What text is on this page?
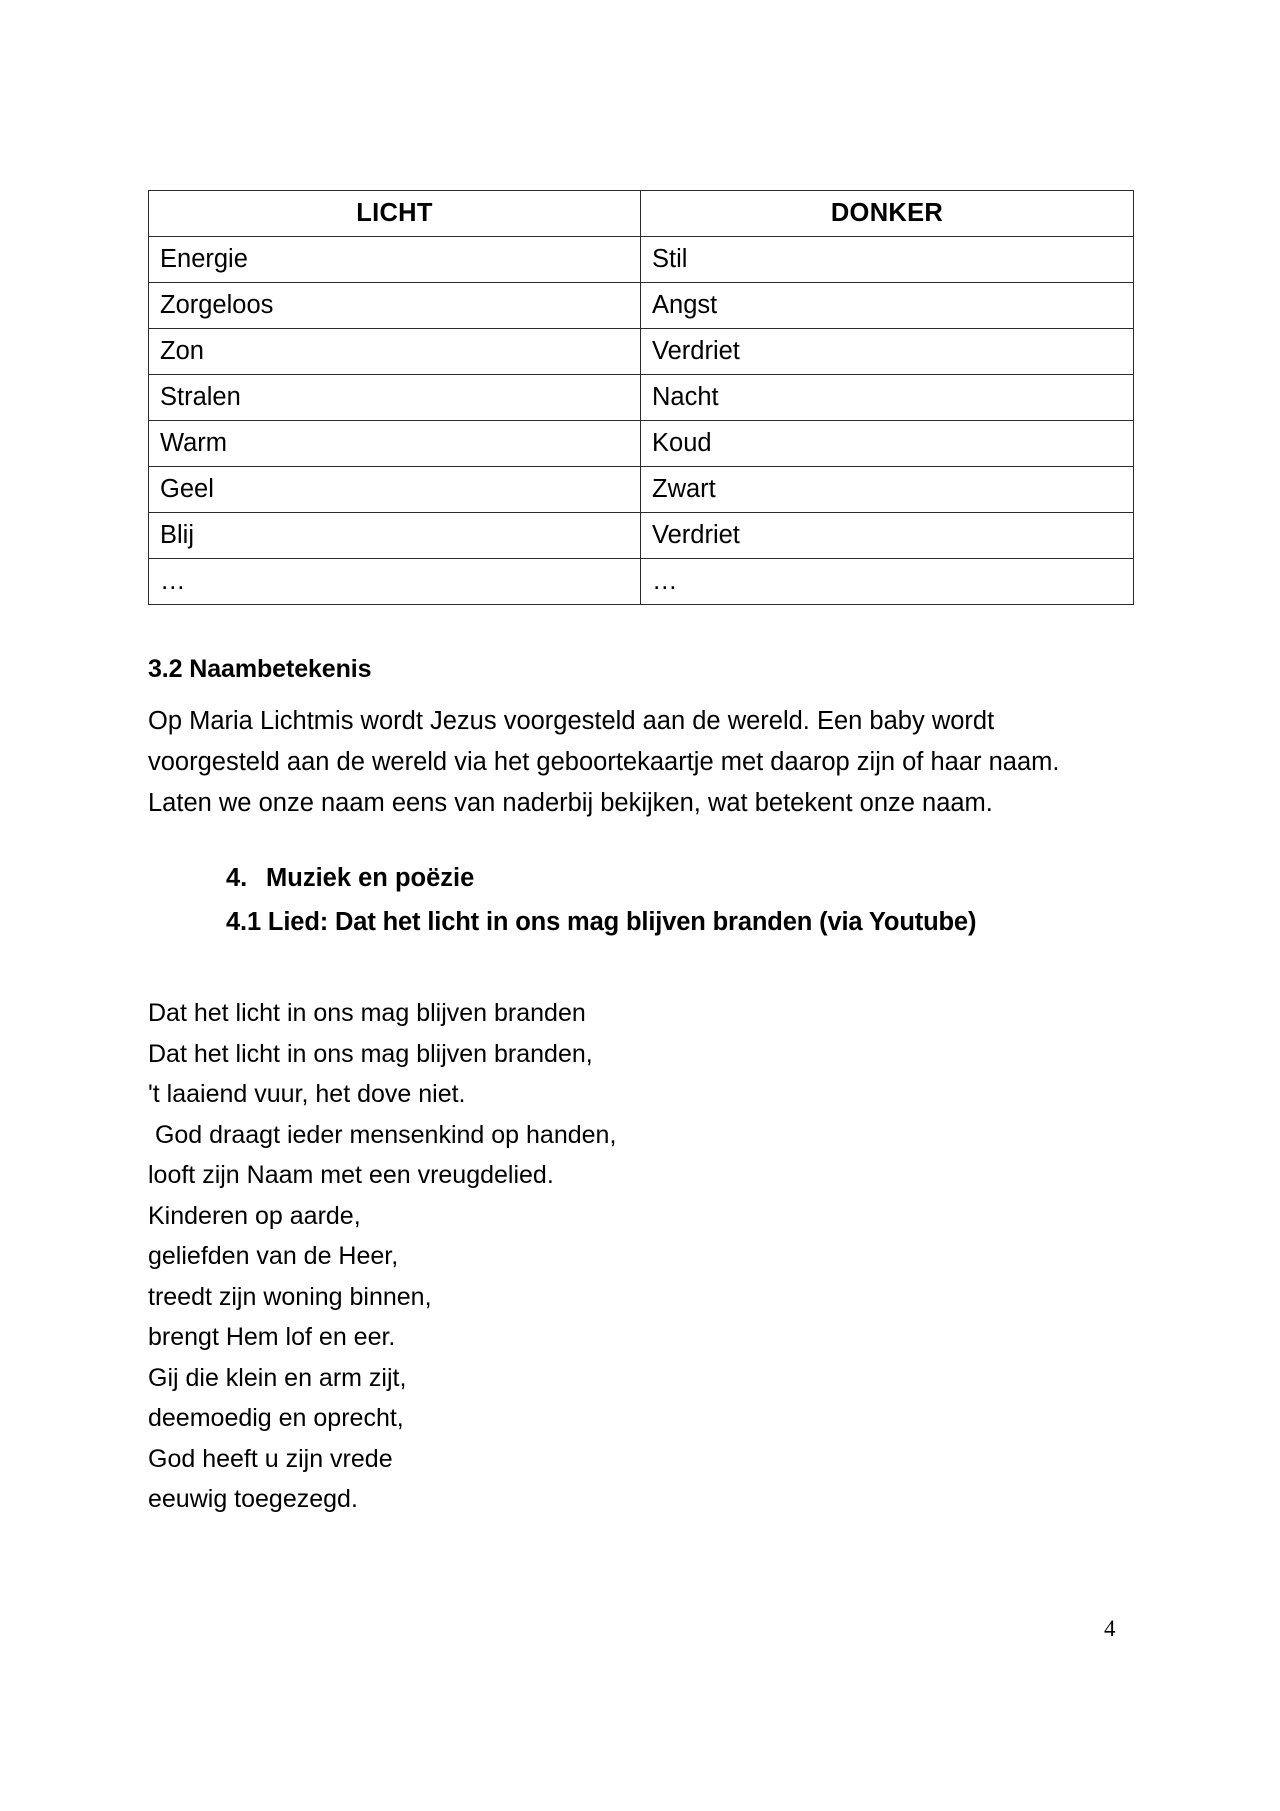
LICHT	DONKER
Energie	Stil
Zorgeloos	Angst
Zon	Verdriet
Stralen	Nacht
Warm	Koud
Geel	Zwart
Blij	Verdriet
…	…
3.2 Naambetekenis

Op Maria Lichtmis wordt Jezus voorgesteld aan de wereld. Een baby wordt voorgesteld aan de wereld via het geboortekaartje met daarop zijn of haar naam. Laten we onze naam eens van naderbij bekijken, wat betekent onze naam.

4. Muziek en poëzie
4.1 Lied: Dat het licht in ons mag blijven branden (via Youtube)
Dat het licht in ons mag blijven branden
Dat het licht in ons mag blijven branden,
't laaiend vuur, het dove niet.
God draagt ieder mensenkind op handen,
looft zijn Naam met een vreugdelied.
Kinderen op aarde,
geliefden van de Heer,
treedt zijn woning binnen,
brengt Hem lof en eer.
Gij die klein en arm zijt,
deemoedig en oprecht,
God heeft u zijn vrede
eeuwig toegezegd.
4
